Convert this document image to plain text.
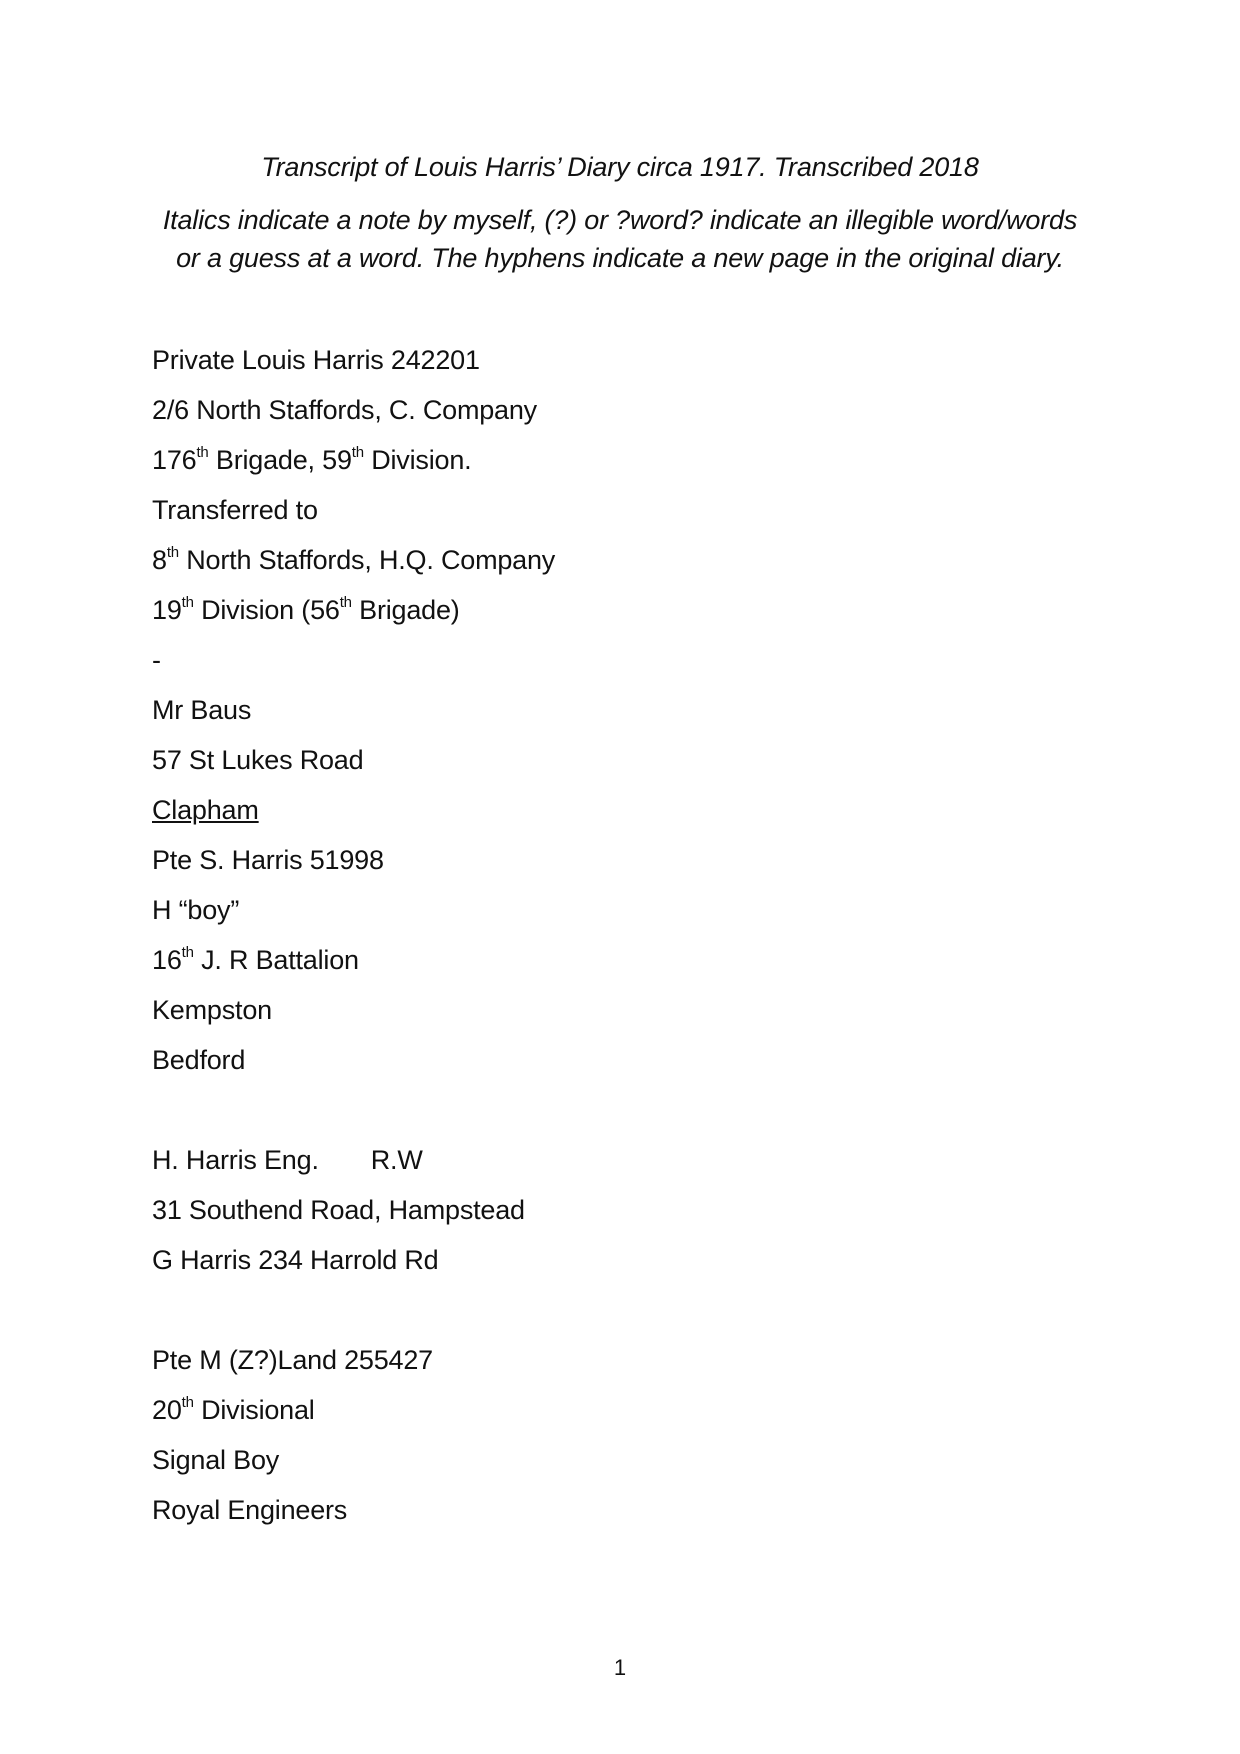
Transcript of Louis Harris’ Diary circa 1917. Transcribed 2018
Italics indicate a note by myself, (?) or ?word? indicate an illegible word/words
or a guess at a word. The hyphens indicate a new page in the original diary.
Private Louis Harris 242201
2/6 North Staffords, C. Company
176th Brigade, 59th Division.
Transferred to
8th North Staffords, H.Q. Company
19th Division (56th Brigade)
-
Mr Baus
57 St Lukes Road
Clapham
Pte S. Harris 51998
H “boy”
16th J. R Battalion
Kempston
Bedford
H. Harris Eng. R.W
31 Southend Road, Hampstead
G Harris 234 Harrold Rd
Pte M (Z?)Land 255427
20th Divisional
Signal Boy
Royal Engineers
1
